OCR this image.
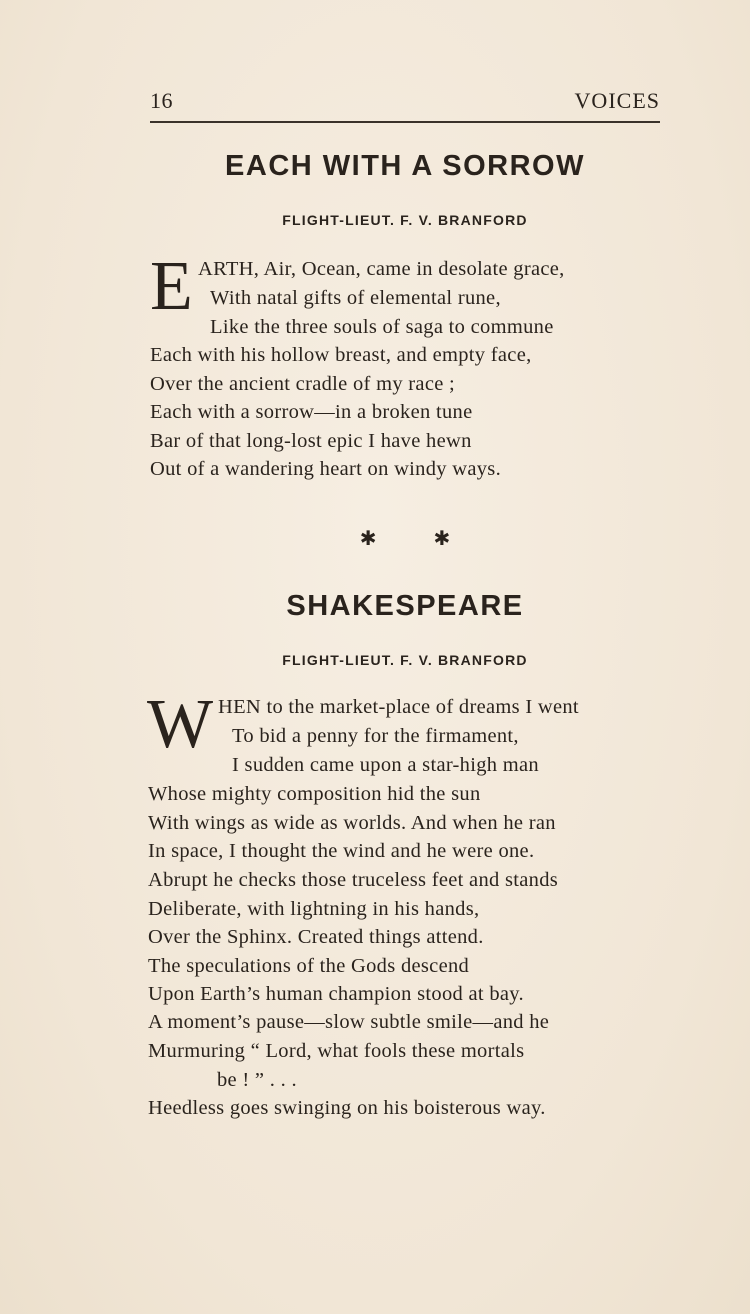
16	VOICES
EACH WITH A SORROW
FLIGHT-LIEUT. F. V. BRANFORD
E ARTH, Air, Ocean, came in desolate grace,
With natal gifts of elemental rune,
Like the three souls of saga to commune
Each with his hollow breast, and empty face,
Over the ancient cradle of my race ;
Each with a sorrow—in a broken tune
Bar of that long-lost epic I have hewn
Out of a wandering heart on windy ways.
✱ ✱
SHAKESPEARE
FLIGHT-LIEUT. F. V. BRANFORD
W HEN to the market-place of dreams I went
To bid a penny for the firmament,
I sudden came upon a star-high man
Whose mighty composition hid the sun
With wings as wide as worlds. And when he ran
In space, I thought the wind and he were one.
Abrupt he checks those truceless feet and stands
Deliberate, with lightning in his hands,
Over the Sphinx. Created things attend.
The speculations of the Gods descend
Upon Earth’s human champion stood at bay.
A moment’s pause—slow subtle smile—and he
Murmuring “ Lord, what fools these mortals
be ! ” . . .
Heedless goes swinging on his boisterous way.
